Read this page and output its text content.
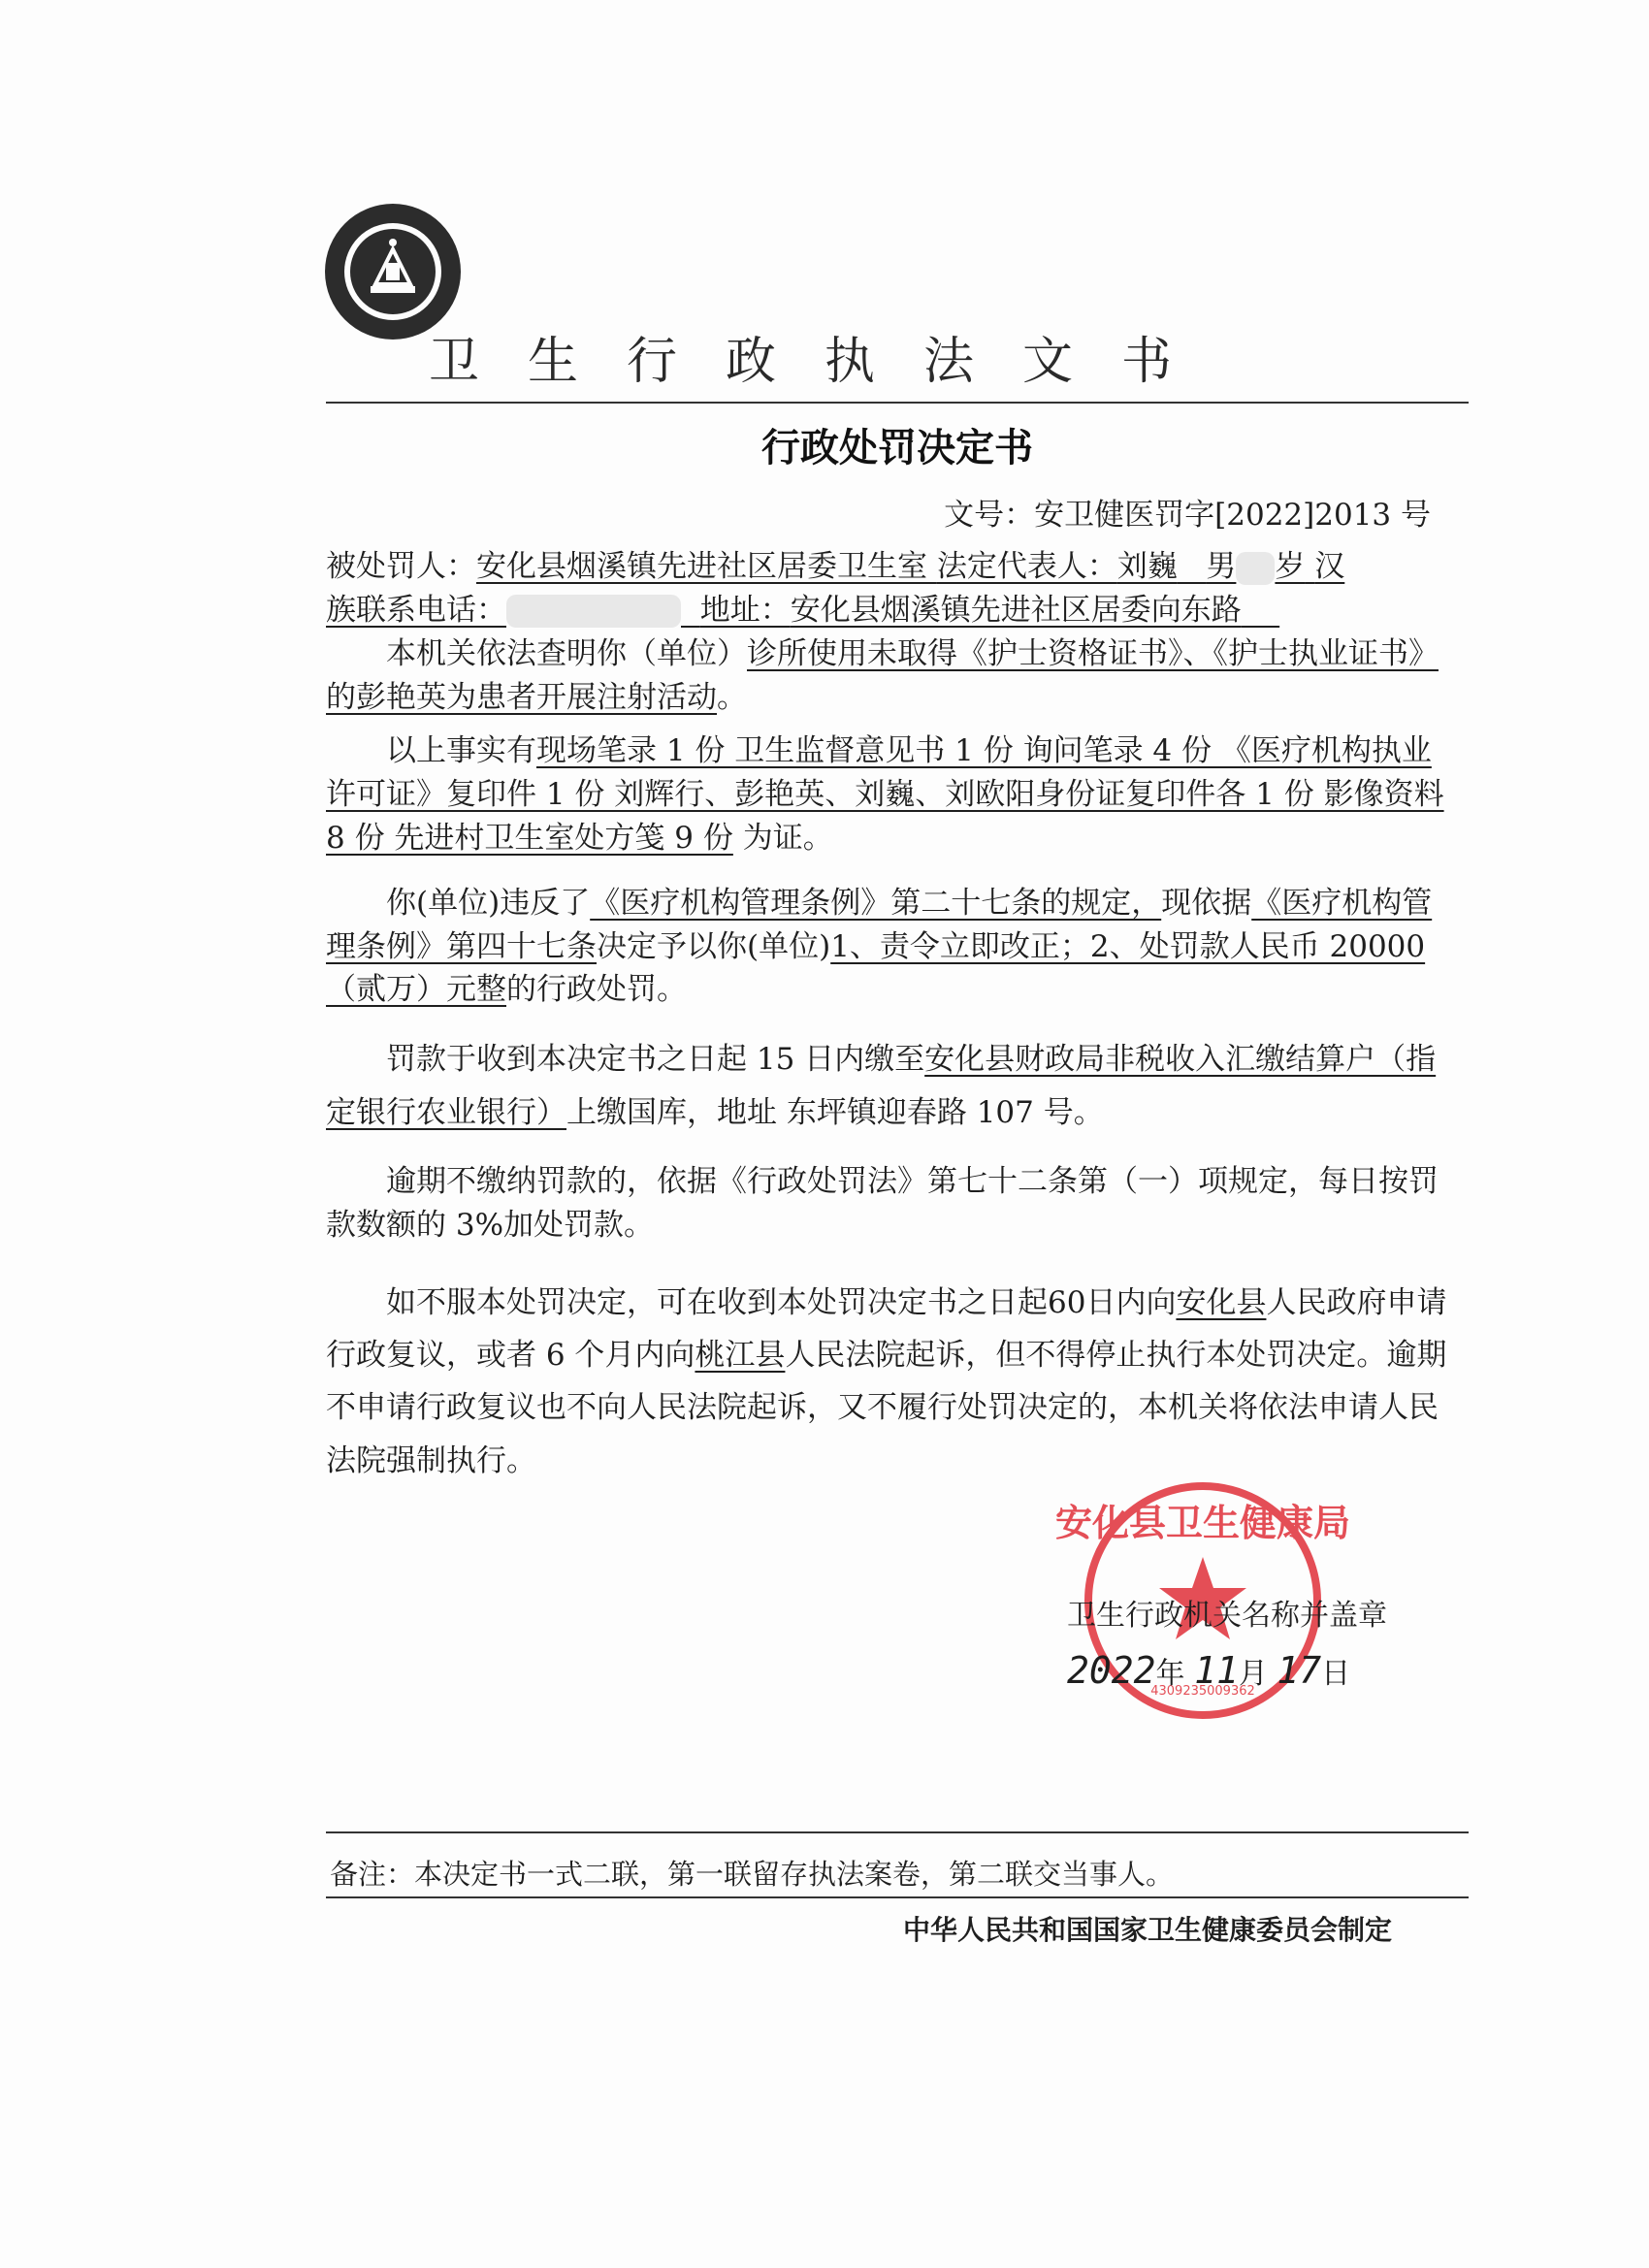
卫生行政执法文书
行政处罚决定书
文号：安卫健医罚字[2022]2013 号

被处罚人：安化县烟溪镇先进社区居委卫生室 法定代表人：刘巍 男 岁 汉
族联系电话：	地址：安化县烟溪镇先进社区居委向东路

本机关依法查明你（单位）诊所使用未取得《护士资格证书》、《护士执业证书》的彭艳英为患者开展注射活动。

以上事实有现场笔录 1 份 卫生监督意见书 1 份 询问笔录 4 份 《医疗机构执业许可证》复印件 1 份 刘辉行、彭艳英、刘巍、刘欧阳身份证复印件各 1 份 影像资料 8 份 先进村卫生室处方笺 9 份 为证。

你(单位)违反了《医疗机构管理条例》第二十七条的规定，现依据《医疗机构管理条例》第四十七条决定予以你(单位)1、责令立即改正；2、处罚款人民币 20000（贰万）元整的行政处罚。

罚款于收到本决定书之日起 15 日内缴至安化县财政局非税收入汇缴结算户（指定银行农业银行）上缴国库，地址 东坪镇迎春路 107 号。

逾期不缴纳罚款的，依据《行政处罚法》第七十二条第（一）项规定，每日按罚款数额的 3%加处罚款。

如不服本处罚决定，可在收到本处罚决定书之日起60日内向安化县人民政府申请行政复议，或者 6 个月内向桃江县人民法院起诉，但不得停止执行本处罚决定。逾期不申请行政复议也不向人民法院起诉，又不履行处罚决定的，本机关将依法申请人民法院强制执行。

安化县卫生健康局
4309235009362
卫生行政机关名称并盖章
2022年 11月 17日
备注：本决定书一式二联，第一联留存执法案卷，第二联交当事人。
中华人民共和国国家卫生健康委员会制定
